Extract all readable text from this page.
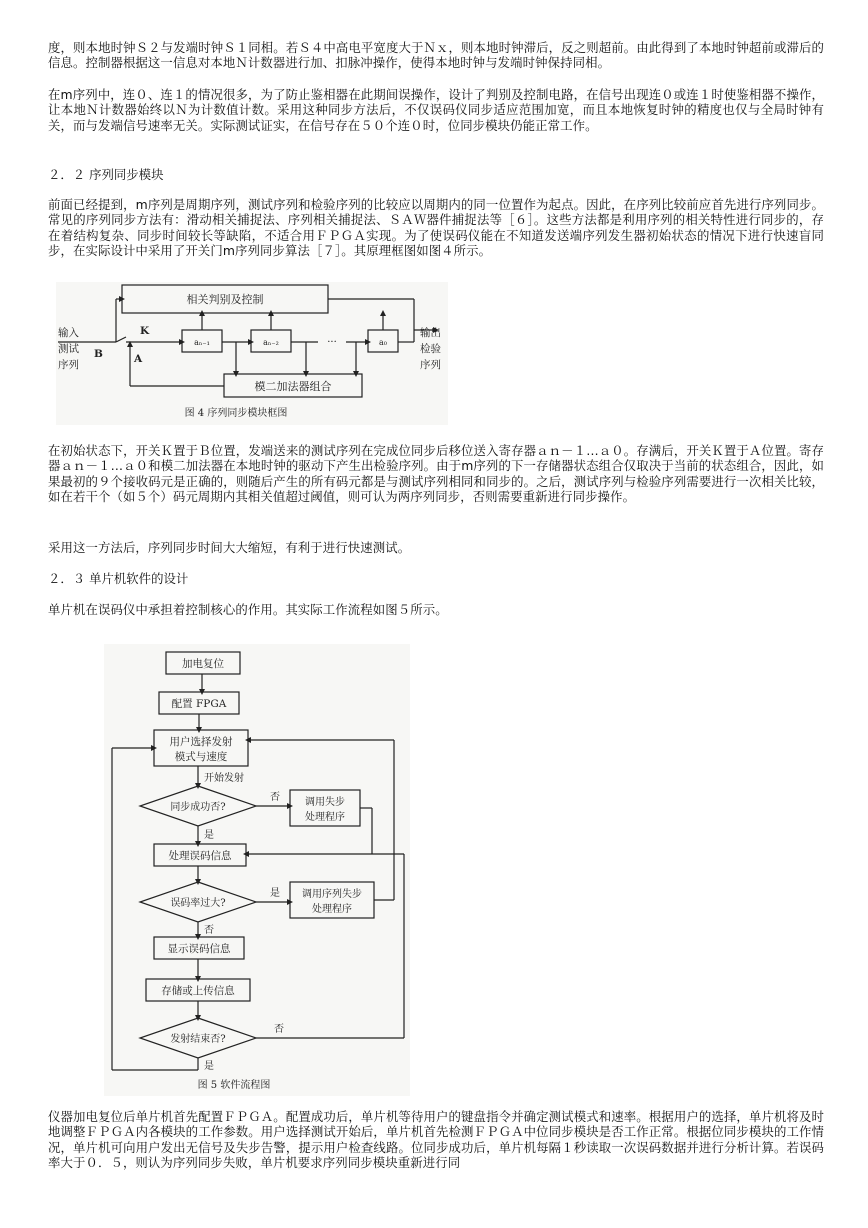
度，则本地时钟Ｓ２与发端时钟Ｓ１同相。若Ｓ４中高电平宽度大于Ｎｘ，则本地时钟滞后，反之则超前。由此得到了本地时钟超前或滞后的信息。控制器根据这一信息对本地Ｎ计数器进行加、扣脉冲操作，使得本地时钟与发端时钟保持同相。

在m序列中，连０、连１的情况很多，为了防止鉴相器在此期间误操作，设计了判别及控制电路，在信号出现连０或连１时使鉴相器不操作，让本地Ｎ计数器始终以Ｎ为计数值计数。采用这种同步方法后，不仅误码仪同步适应范围加宽，而且本地恢复时钟的精度也仅与全局时钟有关，而与发端信号速率无关。实际测试证实，在信号存在５０个连０时，位同步模块仍能正常工作。

２．２ 序列同步模块

前面已经提到，m序列是周期序列，测试序列和检验序列的比较应以周期内的同一位置作为起点。因此，在序列比较前应首先进行序列同步。常见的序列同步方法有：滑动相关捕捉法、序列相关捕捉法、ＳＡＷ器件捕捉法等［６］。这些方法都是利用序列的相关特性进行同步的，存在着结构复杂、同步时间较长等缺陷，不适合用ＦＰＧＡ实现。为了使误码仪能在不知道发送端序列发生器初始状态的情况下进行快速盲同步，在实际设计中采用了开关门m序列同步算法［７］。其原理框图如图４所示。

相关判别及控制
模二加法器组合
aₙ₋₁	aₙ₋₂	a₀
···
输入
测试
序列
输出
检验
序列
K
A
B
图 4 序列同步模块框图

在初始状态下，开关Ｋ置于Ｂ位置，发端送来的测试序列在完成位同步后移位送入寄存器ａｎ－１…ａ０。存满后，开关Ｋ置于Ａ位置。寄存器ａｎ－１…ａ０和模二加法器在本地时钟的驱动下产生出检验序列。由于m序列的下一存储器状态组合仅取决于当前的状态组合，因此，如果最初的９个接收码元是正确的，则随后产生的所有码元都是与测试序列相同和同步的。之后，测试序列与检验序列需要进行一次相关比较，如在若干个（如５个）码元周期内其相关值超过阈值，则可认为两序列同步，否则需要重新进行同步操作。

采用这一方法后，序列同步时间大大缩短，有利于进行快速测试。

２．３ 单片机软件的设计

单片机在误码仪中承担着控制核心的作用。其实际工作流程如图５所示。

加电复位
配置 FPGA
用户选择发射
模式与速度
开始发射
同步成功否?
否
是
调用失步
处理程序
处理误码信息
误码率过大?
是
否
调用序列失步
处理程序
显示误码信息
存储或上传信息
发射结束否?
否
是
图 5 软件流程图

仪器加电复位后单片机首先配置ＦＰＧＡ。配置成功后，单片机等待用户的键盘指令并确定测试模式和速率。根据用户的选择，单片机将及时地调整ＦＰＧＡ内各模块的工作参数。用户选择测试开始后，单片机首先检测ＦＰＧＡ中位同步模块是否工作正常。根据位同步模块的工作情况，单片机可向用户发出无信号及失步告警，提示用户检查线路。位同步成功后，单片机每隔１秒读取一次误码数据并进行分析计算。若误码率大于０．５，则认为序列同步失败，单片机要求序列同步模块重新进行同
